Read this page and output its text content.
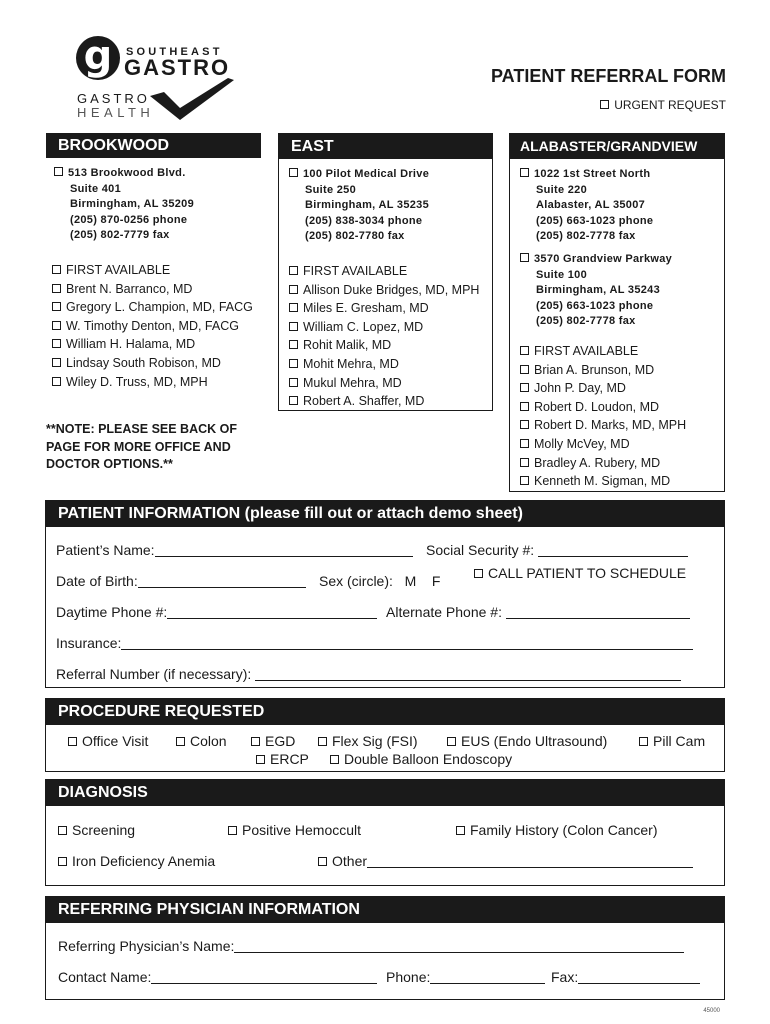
g	SOUTHEAST
GASTRO
GASTRO
HEALTH
PATIENT REFERRAL FORM
URGENT REQUEST
BROOKWOOD
513 Brookwood Blvd.
Suite 401
Birmingham, AL 35209
(205) 870-0256 phone
(205) 802-7779 fax
FIRST AVAILABLE
Brent N. Barranco, MD
Gregory L. Champion, MD, FACG
W. Timothy Denton, MD, FACG
William H. Halama, MD
Lindsay South Robison, MD
Wiley D. Truss, MD, MPH
**NOTE: PLEASE SEE BACK OF PAGE FOR MORE OFFICE AND DOCTOR OPTIONS.**
EAST
100 Pilot Medical Drive
Suite 250
Birmingham, AL 35235
(205) 838-3034 phone
(205) 802-7780 fax
FIRST AVAILABLE
Allison Duke Bridges, MD, MPH
Miles E. Gresham, MD
William C. Lopez, MD
Rohit Malik, MD
Mohit Mehra, MD
Mukul Mehra, MD
Robert A. Shaffer, MD
ALABASTER/GRANDVIEW
1022 1st Street North
Suite 220
Alabaster, AL 35007
(205) 663-1023 phone
(205) 802-7778 fax
3570 Grandview Parkway
Suite 100
Birmingham, AL 35243
(205) 663-1023 phone
(205) 802-7778 fax
FIRST AVAILABLE
Brian A. Brunson, MD
John P. Day, MD
Robert D. Loudon, MD
Robert D. Marks, MD, MPH
Molly McVey, MD
Bradley A. Rubery, MD
Kenneth M. Sigman, MD
PATIENT INFORMATION (please fill out or attach demo sheet)
Patient’s Name:	Social Security #:
Date of Birth:	Sex (circle): M F	CALL PATIENT TO SCHEDULE
Daytime Phone #:	Alternate Phone #:
Insurance:
Referral Number (if necessary):
PROCEDURE REQUESTED
Office Visit	Colon	EGD	Flex Sig (FSI)	EUS (Endo Ultrasound)	Pill Cam
ERCP	Double Balloon Endoscopy
DIAGNOSIS
Screening	Positive Hemoccult	Family History (Colon Cancer)
Iron Deficiency Anemia	Other
REFERRING PHYSICIAN INFORMATION
Referring Physician’s Name:
Contact Name:	Phone:	Fax:
45000
